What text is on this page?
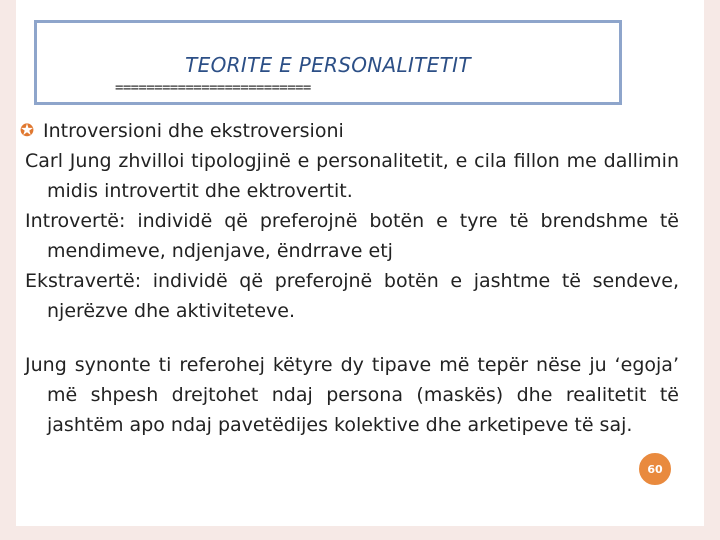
TEORITE E PERSONALITETIT
=========================
✪ Introversioni dhe ekstroversioni
Carl Jung zhvilloi tipologjinë e personalitetit, e cila fillon me dallimin midis introvertit dhe ektrovertit.
Introvertë: individë që preferojnë botën e tyre të brendshme të mendimeve, ndjenjave, ëndrrave etj
Ekstravertë: individë që preferojnë botën e jashtme të sendeve, njerëzve dhe aktiviteteve.
Jung synonte ti referohej këtyre dy tipave më tepër nëse ju ‘egoja’ më shpesh drejtohet ndaj persona (maskës) dhe realitetit të jashtëm apo ndaj pavetëdijes kolektive dhe arketipeve të saj.
60
